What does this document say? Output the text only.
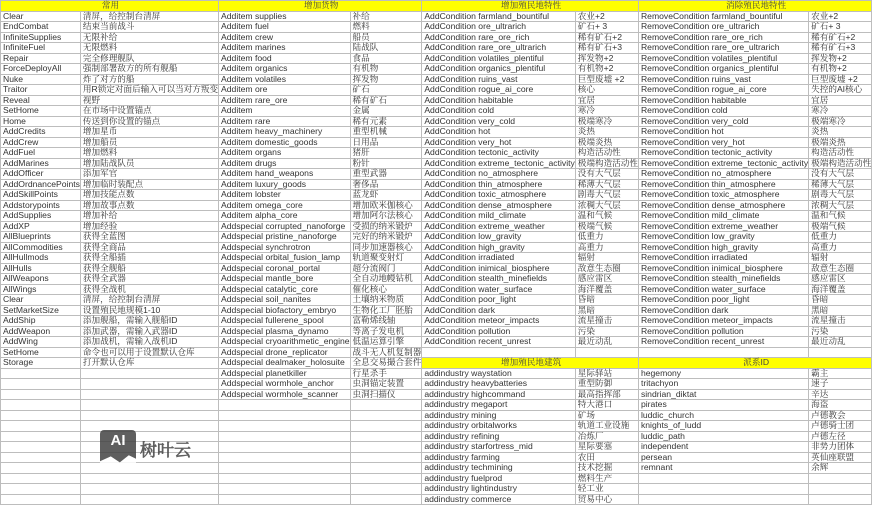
常用		增加货物		增加殖民地特性		消除殖民地特性	
Clear	清屏，给控制台清屏	Additem supplies	补给	AddCondition farmland_bountiful	农业+2	RemoveCondition farmland_bountiful	农业+2
EndCombat	结束当前战斗	Additem fuel	燃料	AddCondition ore_ultrarich	矿石+ 3	RemoveCondition ore_ultrarich	矿石+ 3
InfiniteSupplies	无限补给	Additem crew	船员	AddCondition rare_ore_rich	稀有矿石+2	RemoveCondition rare_ore_rich	稀有矿石+2
InfiniteFuel	无限燃料	Additem marines	陆战队	AddCondition rare_ore_ultrarich	稀有矿石+3	RemoveCondition rare_ore_ultrarich	稀有矿石+3
Repair	完全修理舰队	Additem food	食品	AddCondition volatiles_plentiful	挥发物+2	RemoveCondition volatiles_plentiful	挥发物+2
ForceDeployAll	强制部署敌方的所有舰船	Additem organics	有机物	AddCondition organics_plentiful	有机物+2	RemoveCondition organics_plentiful	有机物+2
Nuke	炸了对方的船	Additem volatiles	挥发物	AddCondition ruins_vast	巨型废墟 +2	RemoveCondition ruins_vast	巨型废墟 +2
Traitor	用R锁定对面后输入可以当对方叛变	Additem ore	矿石	AddCondition rogue_ai_core	核心	RemoveCondition rogue_ai_core	失控的AI核心
Reveal	视野	Additem rare_ore	稀有矿石	AddCondition habitable	宜居	RemoveCondition habitable	宜居
SetHome	在市场中设置锚点	Additem	金属	AddCondition cold	寒冷	RemoveCondition cold	寒冷
Home	传送到你设置的锚点	Additem rare	稀有元素	AddCondition very_cold	极端寒冷	RemoveCondition very_cold	极端寒冷
AddCredits	增加星币	Additem heavy_machinery	重型机械	AddCondition hot	炎热	RemoveCondition hot	炎热
AddCrew	增加船员	Additem domestic_goods	日用品	AddCondition very_hot	极端炎热	RemoveCondition very_hot	极端炎热
AddFuel	增加燃料	Additem organs	猪肝	AddCondition tectonic_activity	构造活动性	RemoveCondition tectonic_activity	构造活动性
AddMarines	增加陆战队员	Additem drugs	粉针	AddCondition extreme_tectonic_activity	极端构造活动性	RemoveCondition extreme_tectonic_activity	极端构造活动性
AddOfficer	添加军官	Additem hand_weapons	重型武器	AddCondition no_atmosphere	没有大气层	RemoveCondition no_atmosphere	没有大气层
AddOrdnancePoints	增加临时装配点	Additem luxury_goods	奢侈品	AddCondition thin_atmosphere	稀薄大气层	RemoveCondition thin_atmosphere	稀薄大气层
AddSkillPoints	增加技能点数	Additem lobster	蓝龙虾	AddCondition toxic_atmosphere	剧毒大气层	RemoveCondition toxic_atmosphere	剧毒大气层
Addstorypoints	增加故事点数	Additem omega_core	增加欧米伽核心	AddCondition dense_atmosphere	浓稠大气层	RemoveCondition dense_atmosphere	浓稠大气层
AddSupplies	增加补给	Additem alpha_core	增加阿尔法核心	AddCondition mild_climate	温和气候	RemoveCondition mild_climate	温和气候
AddXP	增加经验	Addspecial corrupted_nanoforge	受损的纳米锻炉	AddCondition extreme_weather	极端气候	RemoveCondition extreme_weather	极端气候
AllBlueprints	获得全蓝图	Addspecial pristine_nanoforge	完好的纳米锻炉	AddCondition low_gravity	低重力	RemoveCondition low_gravity	低重力
AllCommodities	获得全商品	Addspecial synchrotron	同步加速器核心	AddCondition high_gravity	高重力	RemoveCondition high_gravity	高重力
AllHullmods	获得全船插	Addspecial orbital_fusion_lamp	轨道聚变射灯	AddCondition irradiated	辐射	RemoveCondition irradiated	辐射
AllHulls	获得全舰船	Addspecial coronal_portal	超分流阀门	AddCondition inimical_biosphere	敌意生态圈	RemoveCondition inimical_biosphere	敌意生态圈
AllWeapons	获得全武器	Addspecial mantle_bore	全自动地幔钻机	AddCondition stealth_minefields	感应雷区	RemoveCondition stealth_minefields	感应雷区
AllWings	获得全战机	Addspecial catalytic_core	催化核心	AddCondition water_surface	海洋覆盖	RemoveCondition water_surface	海洋覆盖
Clear	清屏，给控制台清屏	Addspecial soil_nanites	土壤纳米物质	AddCondition poor_light	昏暗	RemoveCondition poor_light	昏暗
SetMarketSize	设置殖民地规模1-10	Addspecial biofactory_embryo	生物化工厂胚胎	AddCondition dark	黑暗	RemoveCondition dark	黑暗
AddShip	添加舰船，需输入舰船ID	Addspecial fullerene_spool	富勒烯线轴	AddCondition meteor_impacts	流星撞击	RemoveCondition meteor_impacts	流星撞击
AddWeapon	添加武器，需输入武器ID	Addspecial plasma_dynamo	等离子发电机	AddCondition pollution	污染	RemoveCondition pollution	污染
AddWing	添加战机，需输入战机ID	Addspecial cryoarithmetic_engine	低温运算引擎	AddCondition recent_unrest	最近动乱	RemoveCondition recent_unrest	最近动乱
SetHome	命令也可以用于设置默认仓库	Addspecial drone_replicator	战斗无人机复制器				
Storage	打开默认仓库	Addspecial dealmaker_holosuite	全息交易撮合套件	增加殖民地建筑		派系ID	
		Addspecial planetkiller	行星杀手	addindustry waystation	星际驿站	hegemony	霸主
		Addspecial wormhole_anchor	虫洞锚定装置	addindustry heavybatteries	重型防御	tritachyon	速子
		Addspecial wormhole_scanner	虫洞扫描仪	addindustry highcommand	最高指挥部	sindrian_diktat	辛达
				addindustry megaport	特大港口	pirates	海盗
				addindustry mining	矿场	luddic_church	卢德教会
				addindustry orbitalworks	轨道工业设施	knights_of_ludd	卢德骑士团
				addindustry refining	冶炼厂	luddic_path	卢德左径
				addindustry starfortress_mid	星际要塞	independent	非势力团体
				addindustry farming	农田	persean	英仙座联盟
				addindustry techmining	技术挖掘	remnant	余辉
				addindustry fuelprod	燃料生产		
				addindustry lightindustry	轻工业		
				addindustry commerce	贸易中心		
AI 树叶云
